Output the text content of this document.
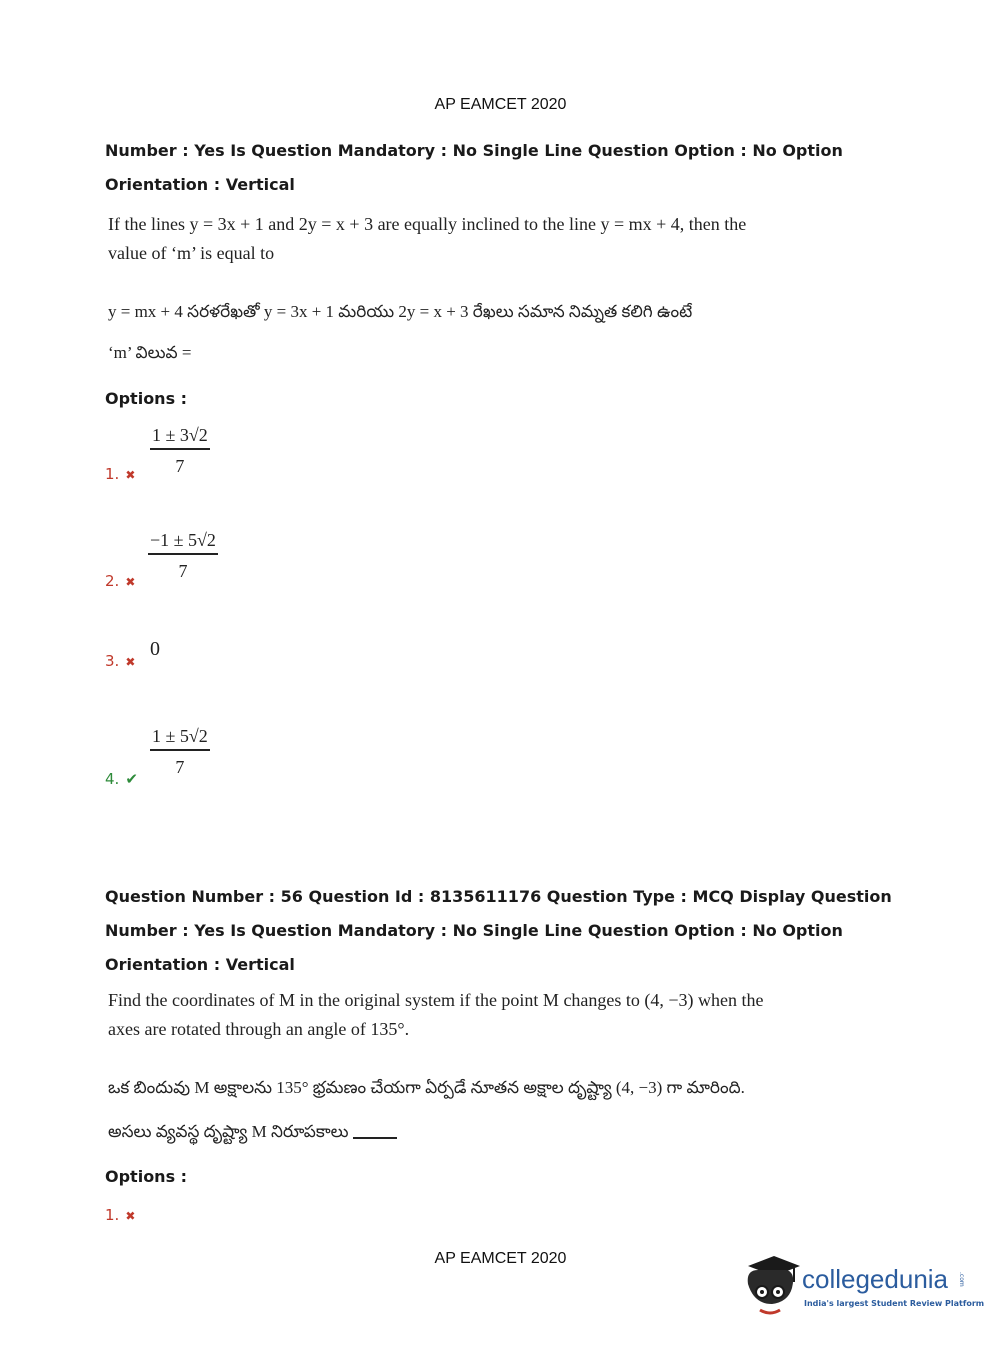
AP EAMCET 2020
Number : Yes Is Question Mandatory : No Single Line Question Option : No Option
Orientation : Vertical
If the lines y = 3x + 1 and 2y = x + 3 are equally inclined to the line y = mx + 4, then the
value of ‘m’ is equal to
y = mx + 4 సరళరేఖతో y = 3x + 1 మరియు 2y = x + 3 రేఖలు సమాన నిమ్నత కలిగి ఉంటే
‘m’ విలువ =
Options :
1. ✖ $\frac{1 \pm 3√2}{7}$
2. ✖ $\frac{-1 \pm 5√2}{7}$
3. ✖
0
4. ✔
$\frac{1 \pm 5√2}{7}$
Question Number : 56 Question Id : 8135611176 Question Type : MCQ Display Question
Number : Yes Is Question Mandatory : No Single Line Question Option : No Option
Orientation : Vertical
Find the coordinates of M in the original system if the point M changes to (4, −3) when the
axes are rotated through an angle of 135°.
ఒక బిందువు M అక్షాలను 135° భ్రమణం చేయగా ఏర్పడే నూతన అక్షాల దృష్ట్యా (4, −3) గా మారింది.
అసలు వ్యవస్థ దృష్ట్యా M నిరూపకాలు
Options :
1. ✖
AP EAMCET 2020
collegedunia .com
India's largest Student Review Platform
